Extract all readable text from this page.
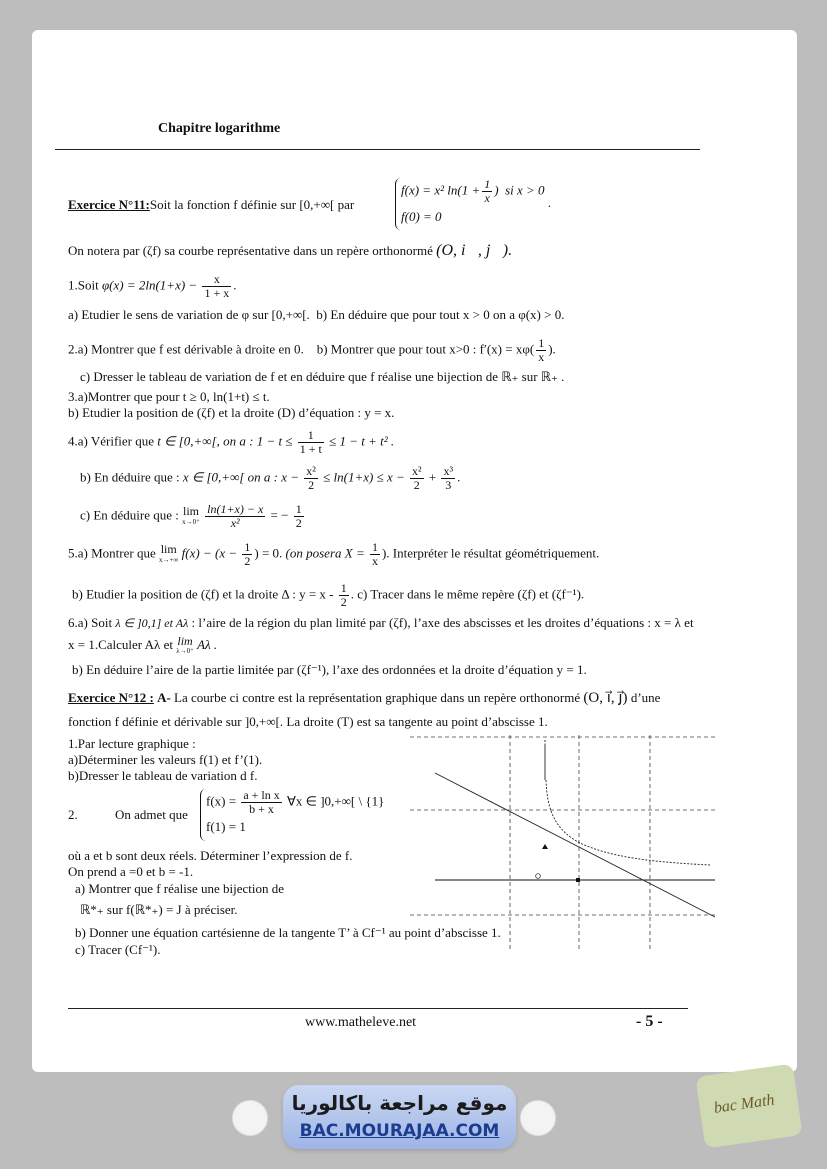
Chapitre logarithme
Exercice N°11:Soit la fonction f définie sur [0,+∞[ par
f(x) = x² $\ln(1 + \frac{1}{x}$ )  si x > 0
f(0) = 0
.
On notera par (ζf) sa courbe représentative dans un repère orthonormé (O, i⃗, j⃗).
1.Soit $\varphi(x) = 2\ln(1+x) - \frac{x}{1 + x}$ .
a) Etudier le sens de variation de φ sur [0,+∞[. b) En déduire que pour tout x > 0 on a φ(x) > 0.
2.a) Montrer que f est dérivable à droite en 0. b) Montrer que pour tout x>0 : $f'(x) = x\varphi( \frac{1}{x}$ ).
c) Dresser le tableau de variation de f et en déduire que f réalise une bijection de ℝ₊ sur ℝ₊ .
3.a)Montrer que pour t ≥ 0, ln(1+t) ≤ t.
b) Etudier la position de (ζf) et la droite (D) d’équation : y = x.
4.a) Vérifier que t ∈ [0,+∞[, on a : $1 - t \le \frac{1}{1 + t} \le 1 - t + t^2$ .
b) En déduire que : x ∈ [0,+∞[ on a : $x - \frac{\text{x²}}{2} \le \ln(1+x) \le x - \frac{\text{x²}}{2} + \frac{\text{x³}}{3}$ .
c) En déduire que : lim
x→0⁺
$\frac{\ln(1+x) - x}{\text{x²}}$ = − $\frac{1}{2}$
5.a) Montrer que lim
x→+∞ $f(x) - (x - \frac{1}{2}$ ) = 0. (on posera $X = \frac{1}{x}$ ). Interpréter le résultat géométriquement.
b) Etudier la position de (ζf) et la droite Δ : $y = x - \frac{1}{2}$ . c) Tracer dans le même repère (ζf) et (ζf⁻¹).
6.a) Soit λ ∈ ]0,1] et Aλ : l’aire de la région du plan limité par (ζf), l’axe des abscisses et les droites d’équations : x = λ et
x = 1.Calculer Aλ et lim
λ→0⁺ Aλ .
b) En déduire l’aire de la partie limitée par (ζf⁻¹), l’axe des ordonnées et la droite d’équation y = 1.
Exercice N°12 : A- La courbe ci contre est la représentation graphique dans un repère orthonormé (O, i⃗, j⃗) d’une
fonction f définie et dérivable sur ]0,+∞[. La droite (T) est sa tangente au point d’abscisse 1.
1.Par lecture graphique :
a)Déterminer les valeurs f(1) et f’(1).
b)Dresser le tableau de variation d f.
2.	On admet que
$f(x) = \frac{\text{a + ln x}}{b + x}$ ∀x ∈ ]0,+∞[ \ {1}
f(1) = 1
où a et b sont deux réels. Déterminer l’expression de f.
On prend a =0 et b = -1.
a) Montrer que f réalise une bijection de
ℝ*₊ sur f(ℝ*₊) = J à préciser.
b) Donner une équation cartésienne de la tangente T’ à Cf⁻¹ au point d’abscisse 1.
c) Tracer (Cf⁻¹).
www.matheleve.net	- 5 -
موقع مراجعة باكالوريا
BAC.MOURAJAA.COM
bac Math
